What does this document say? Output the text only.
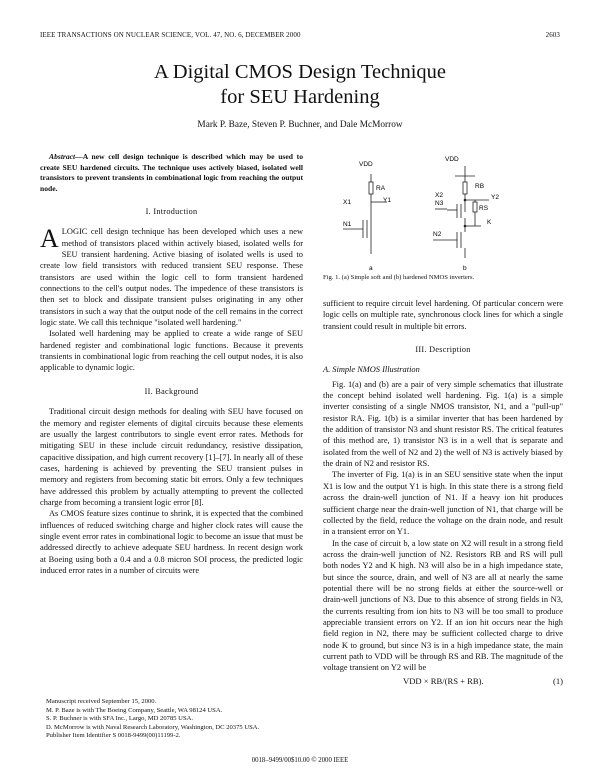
IEEE TRANSACTIONS ON NUCLEAR SCIENCE, VOL. 47, NO. 6, DECEMBER 2000	2603
A Digital CMOS Design Technique
for SEU Hardening
Mark P. Baze, Steven P. Buchner, and Dale McMorrow

Abstract—A new cell design technique is described which may be used to create SEU hardened circuits. The technique uses actively biased, isolated well transistors to prevent transients in combinational logic from reaching the output node.

I. Introduction

ALOGIC cell design technique has been developed which uses a new method of transistors placed within actively biased, isolated wells for SEU transient hardening. Active biasing of isolated wells is used to create low field transistors with reduced transient SEU response. These transistors are used within the logic cell to form transient hardened connections to the cell's output nodes. The impedence of these transistors is then set to block and dissipate transient pulses originating in any other transistors in such a way that the output node of the cell remains in the correct logic state. We call this technique "isolated well hardening."

Isolated well hardening may be applied to create a wide range of SEU hardened register and combinational logic functions. Because it prevents transients in combinational logic from reaching the cell output nodes, it is also applicable to dynamic logic.

II. Background

Traditional circuit design methods for dealing with SEU have focused on the memory and register elements of digital circuits because these elements are usually the largest contributors to single event error rates. Methods for mitigating SEU in these include circuit redundancy, resistive dissipation, capacitive dissipation, and high current recovery [1]–[7]. In nearly all of these cases, hardening is achieved by preventing the SEU transient pulses in memory and registers from becoming static bit errors. Only a few techniques have addressed this problem by actually attempting to prevent the collected charge from becoming a transient logic error [8].

As CMOS feature sizes continue to shrink, it is expected that the combined influences of reduced switching charge and higher clock rates will cause the single event error rates in combinational logic to become an issue that must be addressed directly to achieve adequate SEU hardness. In recent design work at Boeing using both a 0.4 and a 0.8 micron SOI process, the predicted logic induced error rates in a number of circuits were

Manuscript received September 15, 2000.
M. P. Baze is with The Boeing Company, Seattle, WA 98124 USA.
S. P. Buchner is with SFA Inc., Largo, MD 20785 USA.
D. McMorrow is with Naval Research Laboratory, Washington, DC 20375 USA.
Publisher Item Identifier S 0018-9499(00)11199-2.
VDD
RA
X1	Y1
N1
a
VDD
RB
X2	Y2
N3
RS
K
N2
b
Fig. 1. (a) Simple soft and (b) hardened NMOS inverters.

sufficient to require circuit level hardening. Of particular concern were logic cells on multiple rate, synchronous clock lines for which a single transient could result in multiple bit errors.

III. Description
A. Simple NMOS Illustration

Fig. 1(a) and (b) are a pair of very simple schematics that illustrate the concept behind isolated well hardening. Fig. 1(a) is a simple inverter consisting of a single NMOS transistor, N1, and a "pull-up" resistor RA. Fig. 1(b) is a similar inverter that has been hardened by the addition of transistor N3 and shunt resistor RS. The critical features of this method are, 1) transistor N3 is in a well that is separate and isolated from the well of N2 and 2) the well of N3 is actively biased by the drain of N2 and resistor RS.

The inverter of Fig. 1(a) is in an SEU sensitive state when the input X1 is low and the output Y1 is high. In this state there is a strong field across the drain-well junction of N1. If a heavy ion hit produces sufficient charge near the drain-well junction of N1, that charge will be collected by the field, reduce the voltage on the drain node, and result in a transient error on Y1.

In the case of circuit b, a low state on X2 will result in a strong field across the drain-well junction of N2. Resistors RB and RS will pull both nodes Y2 and K high. N3 will also be in a high impedance state, but since the source, drain, and well of N3 are all at nearly the same potential there will be no strong fields at either the source-well or drain-well junctions of N3. Due to this absence of strong fields in N3, the currents resulting from ion hits to N3 will be too small to produce appreciable transient errors on Y2. If an ion hit occurs near the high field region in N2, there may be sufficient collected charge to drive node K to ground, but since N3 is in a high impedance state, the main current path to VDD will be through RS and RB. The magnitude of the voltage transient on Y2 will be

VDD × RB/(RS + RB).	(1)
0018–9499/00$10.00 © 2000 IEEE
